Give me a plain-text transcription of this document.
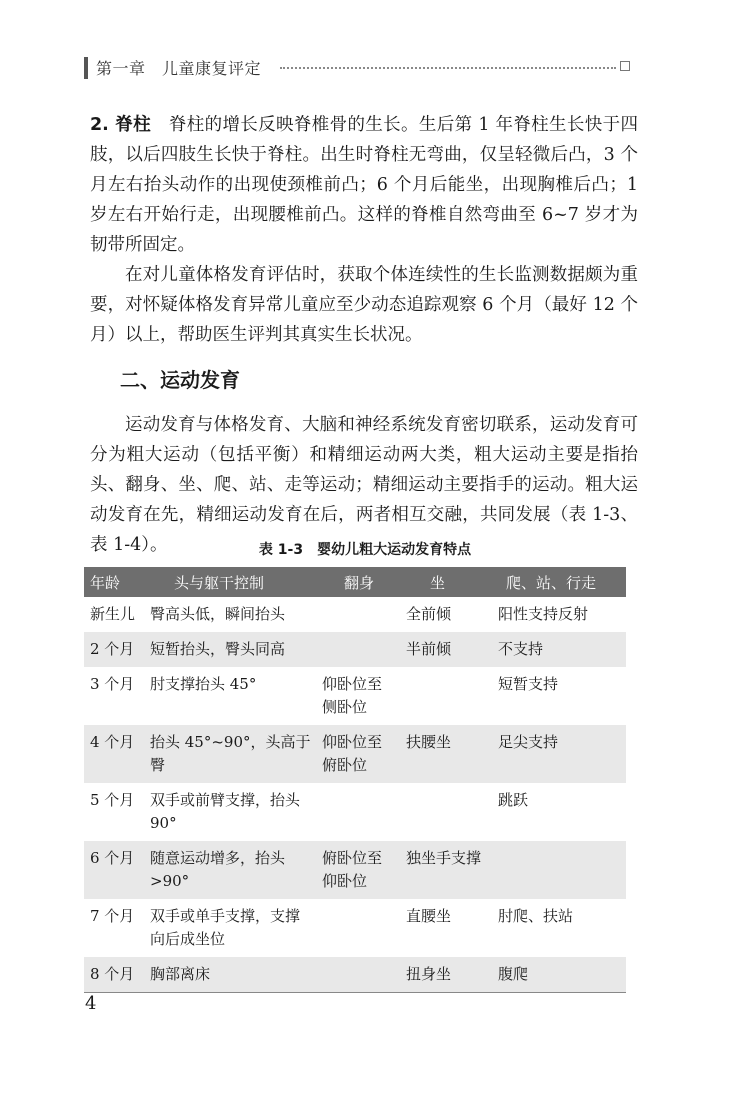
第一章　儿童康复评定
2. 脊柱　脊柱的增长反映脊椎骨的生长。生后第 1 年脊柱生长快于四肢，以后四肢生长快于脊柱。出生时脊柱无弯曲，仅呈轻微后凸，3 个月左右抬头动作的出现使颈椎前凸；6 个月后能坐，出现胸椎后凸；1 岁左右开始行走，出现腰椎前凸。这样的脊椎自然弯曲至 6~7 岁才为韧带所固定。
在对儿童体格发育评估时，获取个体连续性的生长监测数据颇为重要，对怀疑体格发育异常儿童应至少动态追踪观察 6 个月（最好 12 个月）以上，帮助医生评判其真实生长状况。
二、运动发育
运动发育与体格发育、大脑和神经系统发育密切联系，运动发育可分为粗大运动（包括平衡）和精细运动两大类，粗大运动主要是指抬头、翻身、坐、爬、站、走等运动；精细运动主要指手的运动。粗大运动发育在先，精细运动发育在后，两者相互交融，共同发展（表 1-3、表 1-4）。	表 1-3　婴幼儿粗大运动发育特点
年龄	头与躯干控制	翻身	坐	爬、站、行走
新生儿	臀高头低，瞬间抬头		全前倾	阳性支持反射
2 个月	短暂抬头，臀头同高		半前倾	不支持
3 个月	肘支撑抬头 45°	仰卧位至侧卧位		短暂支持
4 个月	抬头 45°~90°，头高于臀	仰卧位至俯卧位	扶腰坐	足尖支持
5 个月	双手或前臂支撑，抬头 90°			跳跃
6 个月	随意运动增多，抬头 >90°	俯卧位至仰卧位	独坐手支撑	
7 个月	双手或单手支撑，支撑向后成坐位		直腰坐	肘爬、扶站
8 个月	胸部离床		扭身坐	腹爬
4
